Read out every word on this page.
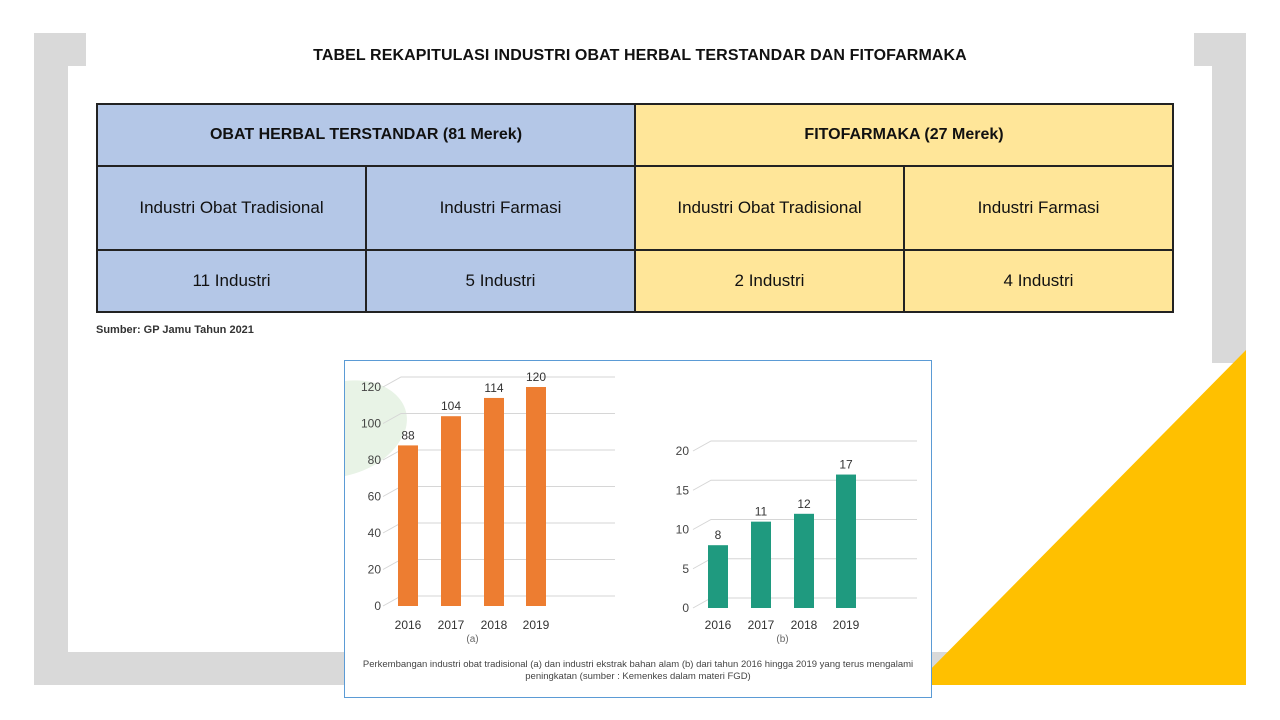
TABEL REKAPITULASI INDUSTRI OBAT HERBAL TERSTANDAR DAN FITOFARMAKA
OBAT HERBAL TERSTANDAR (81 Merek)		FITOFARMAKA (27 Merek)	
Industri Obat Tradisional	Industri Farmasi	Industri Obat Tradisional	Industri Farmasi
11 Industri	5 Industri	2 Industri	4 Industri
Sumber: GP Jamu Tahun 2021
0
20
40
60
80
100
120
88
2016
104
2017
114
2018
120
2019
(a)
0
5
10
15
20
8
2016
11
2017
12
2018
17
2019
(b)
Perkembangan industri obat tradisional (a) dan industri ekstrak bahan alam (b) dari tahun 2016 hingga 2019 yang terus mengalami peningkatan (sumber : Kemenkes dalam materi FGD)
